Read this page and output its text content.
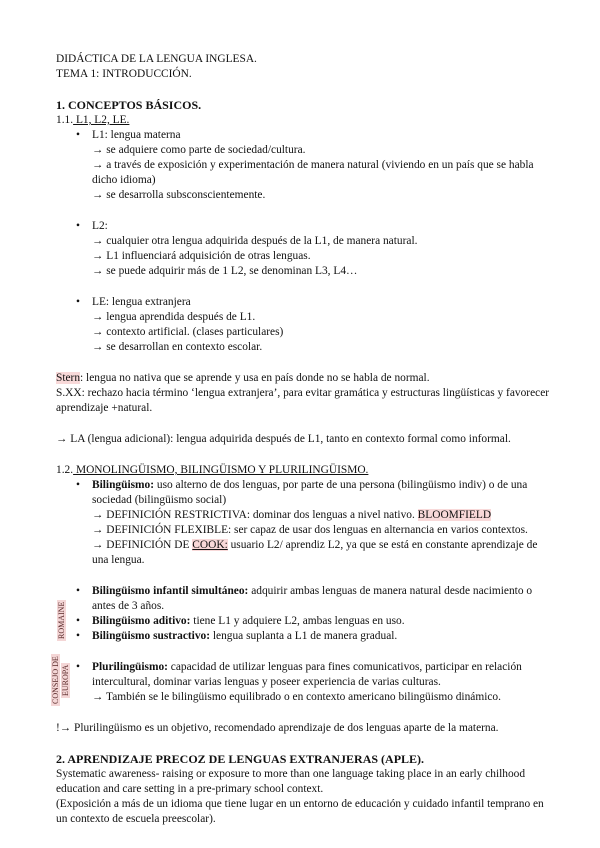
DIDÁCTICA DE LA LENGUA INGLESA.
TEMA 1: INTRODUCCIÓN.
1. CONCEPTOS BÁSICOS.
1.1. L1, L2, LE.
• L1: lengua materna
→ se adquiere como parte de sociedad/cultura.
→ a través de exposición y experimentación de manera natural (viviendo en un país que se habla dicho idioma)
→ se desarrolla subsconscientemente.
• L2:
→ cualquier otra lengua adquirida después de la L1, de manera natural.
→ L1 influenciará adquisición de otras lenguas.
→ se puede adquirir más de 1 L2, se denominan L3, L4…
• LE: lengua extranjera
→ lengua aprendida después de L1.
→ contexto artificial. (clases particulares)
→ se desarrollan en contexto escolar.
Stern: lengua no nativa que se aprende y usa en país donde no se habla de normal.
S.XX: rechazo hacia término ‘lengua extranjera’, para evitar gramática y estructuras lingüísticas y favorecer aprendizaje +natural.
→ LA (lengua adicional): lengua adquirida después de L1, tanto en contexto formal como informal.
1.2. MONOLINGÜISMO, BILINGÜISMO Y PLURILINGÜISMO.
• Bilingüismo: uso alterno de dos lenguas, por parte de una persona (bilingüismo indiv) o de una sociedad (bilingüismo social)
→ DEFINICIÓN RESTRICTIVA: dominar dos lenguas a nivel nativo. BLOOMFIELD
→ DEFINICIÓN FLEXIBLE: ser capaz de usar dos lenguas en alternancia en varios contextos.
→ DEFINICIÓN DE COOK: usuario L2/ aprendiz L2, ya que se está en constante aprendizaje de una lengua.
• Bilingüismo infantil simultáneo: adquirir ambas lenguas de manera natural desde nacimiento o antes de 3 años.
• Bilingüismo aditivo: tiene L1 y adquiere L2, ambas lenguas en uso.
• Bilingüismo sustractivo: lengua suplanta a L1 de manera gradual.
• Plurilingüismo: capacidad de utilizar lenguas para fines comunicativos, participar en relación intercultural, dominar varias lenguas y poseer experiencia de varias culturas.
→ También se le bilingüismo equilibrado o en contexto americano bilingüismo dinámico.
!→ Plurilingüismo es un objetivo, recomendado aprendizaje de dos lenguas aparte de la materna.
2. APRENDIZAJE PRECOZ DE LENGUAS EXTRANJERAS (APLE).
Systematic awareness- raising or exposure to more than one language taking place in an early chilhood education and care setting in a pre-primary school context.
(Exposición a más de un idioma que tiene lugar en un entorno de educación y cuidado infantil temprano en un contexto de escuela preescolar).
ROMAINE
CONSEJO DE EUROPA
